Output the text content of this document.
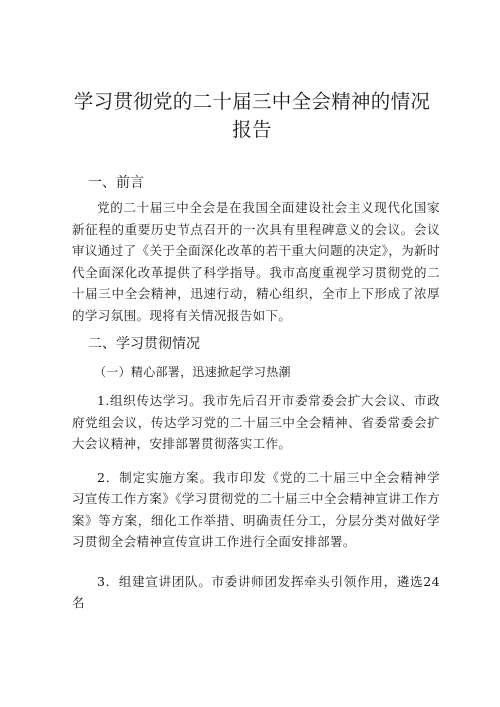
学习贯彻党的二十届三中全会精神的情况
报告
一、前言

党的二十届三中全会是在我国全面建设社会主义现代化国家新征程的重要历史节点召开的一次具有里程碑意义的会议。会议审议通过了《关于全面深化改革的若干重大问题的决定》，为新时代全面深化改革提供了科学指导。我市高度重视学习贯彻党的二十届三中全会精神，迅速行动，精心组织，全市上下形成了浓厚的学习氛围。现将有关情况报告如下。

二、学习贯彻情况

（一）精心部署，迅速掀起学习热潮

1.组织传达学习。我市先后召开市委常委会扩大会议、市政府党组会议，传达学习党的二十届三中全会精神、省委常委会扩大会议精神，安排部署贯彻落实工作。

2．制定实施方案。我市印发《党的二十届三中全会精神学习宣传工作方案》《学习贯彻党的二十届三中全会精神宣讲工作方案》等方案，细化工作举措、明确责任分工，分层分类对做好学习贯彻全会精神宣传宣讲工作进行全面安排部署。

3．组建宣讲团队。市委讲师团发挥牵头引领作用，遴选24名
